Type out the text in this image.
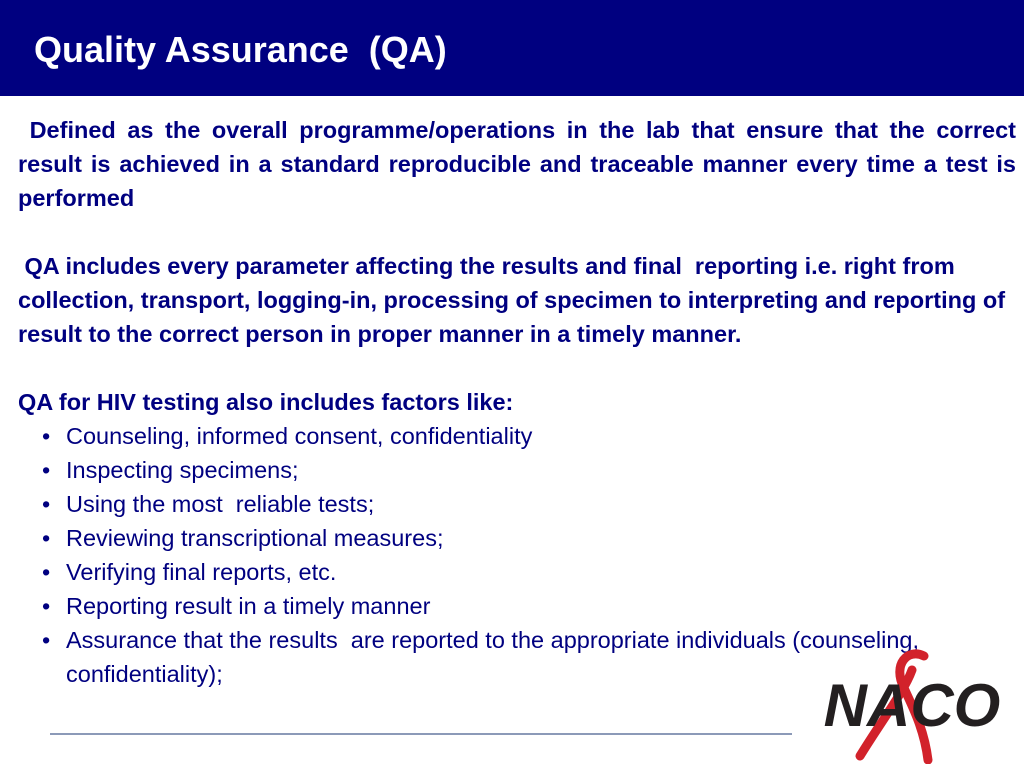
Quality Assurance  (QA)

Defined as the overall programme/operations in the lab that ensure that the correct result is achieved in a standard reproducible and traceable manner every time a test is performed

QA includes every parameter affecting the results and final  reporting i.e. right from collection, transport, logging-in, processing of specimen to interpreting and reporting of result to the correct person in proper manner in a timely manner.

QA for HIV testing also includes factors like:

• Counseling, informed consent, confidentiality
• Inspecting specimens;
• Using the most  reliable tests;
• Reviewing transcriptional measures;
• Verifying final reports, etc.
• Reporting result in a timely manner
• Assurance that the results  are reported to the appropriate individuals (counseling, confidentiality);	NACO
